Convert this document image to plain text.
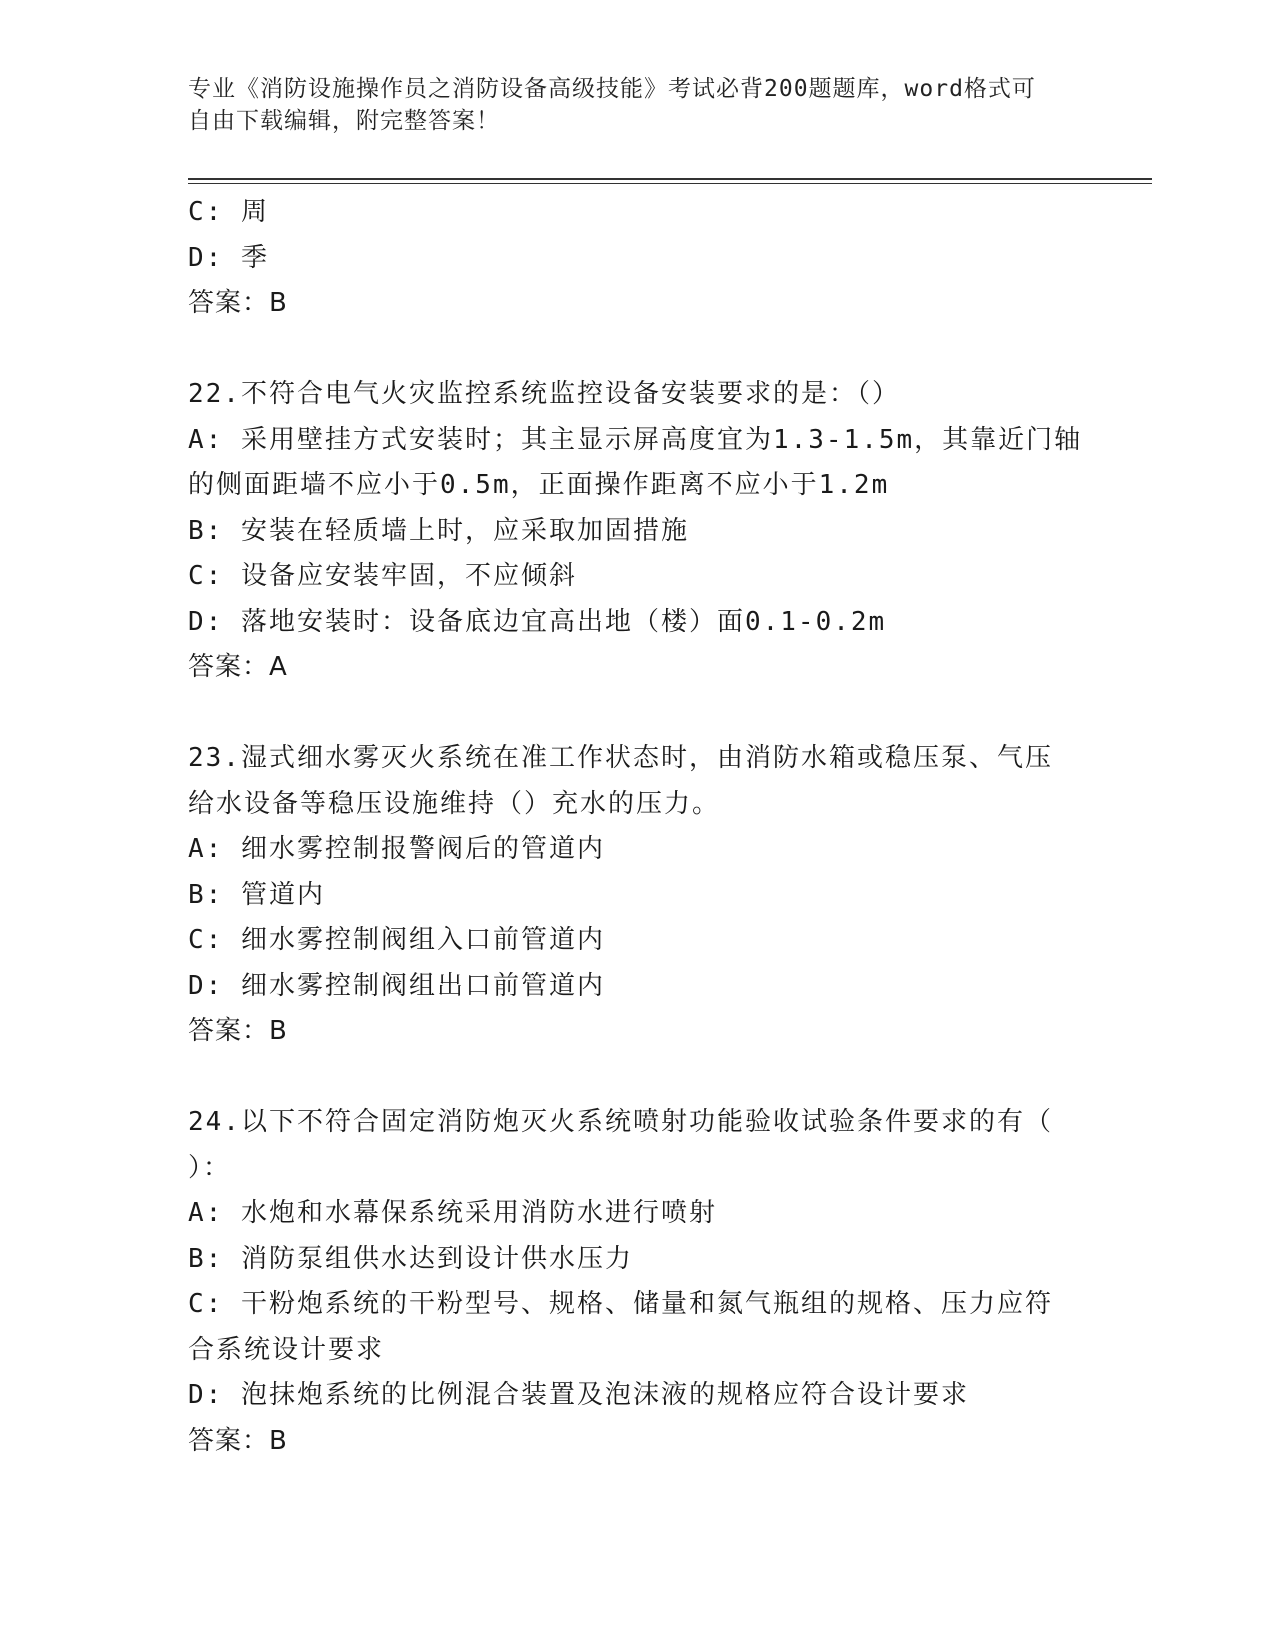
专业《消防设施操作员之消防设备高级技能》考试必背200题题库，word格式可
自由下载编辑，附完整答案！
C: 周
D: 季
答案：B
22.不符合电气火灾监控系统监控设备安装要求的是：（）
A: 采用壁挂方式安装时；其主显示屏高度宜为1.3-1.5m，其靠近门轴
的侧面距墙不应小于0.5m，正面操作距离不应小于1.2m
B: 安装在轻质墙上时，应采取加固措施
C: 设备应安装牢固，不应倾斜
D: 落地安装时：设备底边宜高出地（楼）面0.1-0.2m
答案：A
23.湿式细水雾灭火系统在准工作状态时，由消防水箱或稳压泵、气压
给水设备等稳压设施维持（）充水的压力。
A: 细水雾控制报警阀后的管道内
B: 管道内
C: 细水雾控制阀组入口前管道内
D: 细水雾控制阀组出口前管道内
答案：B
24.以下不符合固定消防炮灭火系统喷射功能验收试验条件要求的有（
）：
A: 水炮和水幕保系统采用消防水进行喷射
B: 消防泵组供水达到设计供水压力
C: 干粉炮系统的干粉型号、规格、储量和氮气瓶组的规格、压力应符
合系统设计要求
D: 泡抹炮系统的比例混合装置及泡沫液的规格应符合设计要求
答案：B
